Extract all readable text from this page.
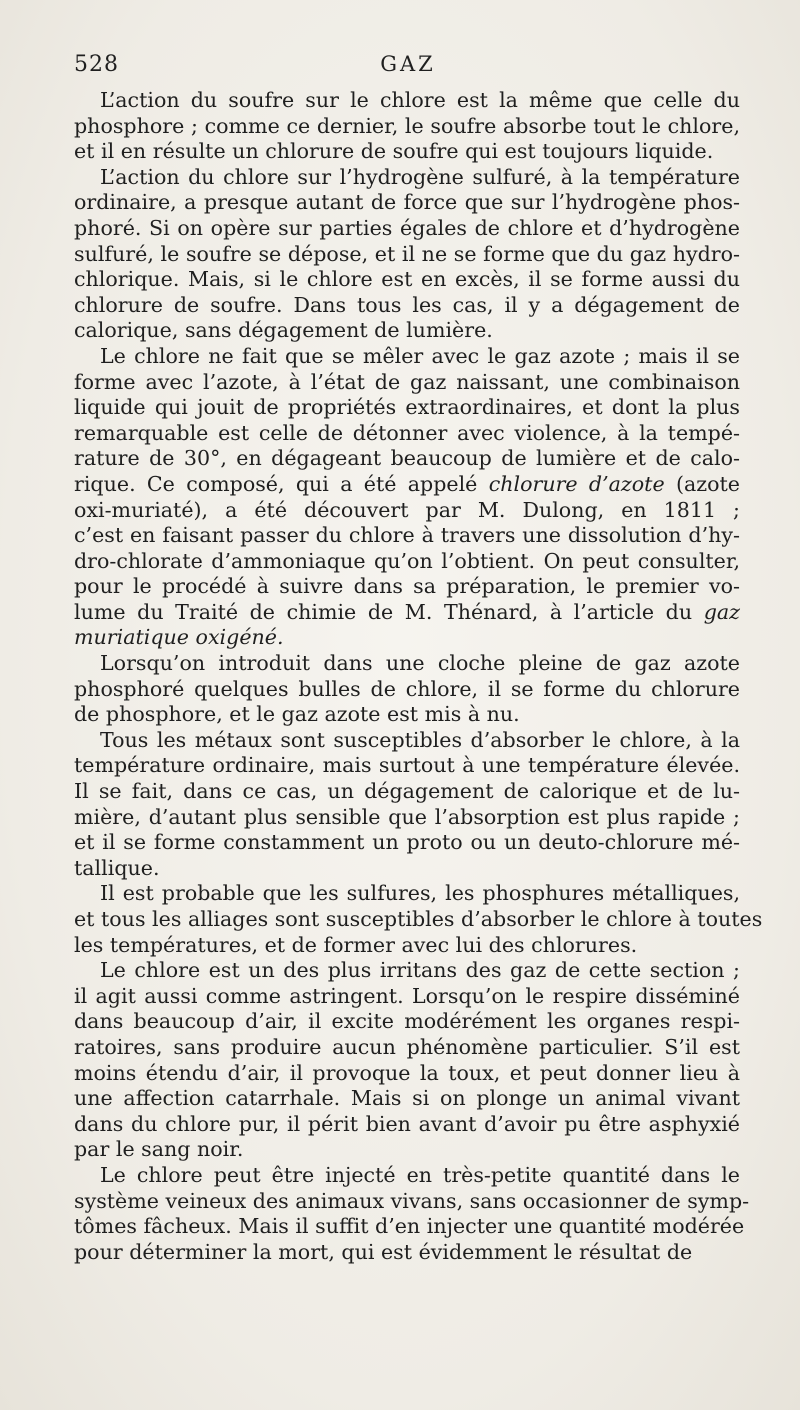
528	GAZ
L’action du soufre sur le chlore est la même que celle du
phosphore ; comme ce dernier, le soufre absorbe tout le chlore,
et il en résulte un chlorure de soufre qui est toujours liquide.
L’action du chlore sur l’hydrogène sulfuré, à la température
ordinaire, a presque autant de force que sur l’hydrogène phos-
phoré. Si on opère sur parties égales de chlore et d’hydrogène
sulfuré, le soufre se dépose, et il ne se forme que du gaz hydro-
chlorique. Mais, si le chlore est en excès, il se forme aussi du
chlorure de soufre. Dans tous les cas, il y a dégagement de
calorique, sans dégagement de lumière.
Le chlore ne fait que se mêler avec le gaz azote ; mais il se
forme avec l’azote, à l’état de gaz naissant, une combinaison
liquide qui jouit de propriétés extraordinaires, et dont la plus
remarquable est celle de détonner avec violence, à la tempé-
rature de 30°, en dégageant beaucoup de lumière et de calo-
rique. Ce composé, qui a été appelé chlorure d’azote (azote
oxi-muriaté), a été découvert par M. Dulong, en 1811 ;
c’est en faisant passer du chlore à travers une dissolution d’hy-
dro-chlorate d’ammoniaque qu’on l’obtient. On peut consulter,
pour le procédé à suivre dans sa préparation, le premier vo-
lume du Traité de chimie de M. Thénard, à l’article du gaz
muriatique oxigéné.
Lorsqu’on introduit dans une cloche pleine de gaz azote
phosphoré quelques bulles de chlore, il se forme du chlorure
de phosphore, et le gaz azote est mis à nu.
Tous les métaux sont susceptibles d’absorber le chlore, à la
température ordinaire, mais surtout à une température élevée.
Il se fait, dans ce cas, un dégagement de calorique et de lu-
mière, d’autant plus sensible que l’absorption est plus rapide ;
et il se forme constamment un proto ou un deuto-chlorure mé-
tallique.
Il est probable que les sulfures, les phosphures métalliques,
et tous les alliages sont susceptibles d’absorber le chlore à toutes
les températures, et de former avec lui des chlorures.
Le chlore est un des plus irritans des gaz de cette section ;
il agit aussi comme astringent. Lorsqu’on le respire disséminé
dans beaucoup d’air, il excite modérément les organes respi-
ratoires, sans produire aucun phénomène particulier. S’il est
moins étendu d’air, il provoque la toux, et peut donner lieu à
une affection catarrhale. Mais si on plonge un animal vivant
dans du chlore pur, il périt bien avant d’avoir pu être asphyxié
par le sang noir.
Le chlore peut être injecté en très-petite quantité dans le
système veineux des animaux vivans, sans occasionner de symp-
tômes fâcheux. Mais il suffit d’en injecter une quantité modérée
pour déterminer la mort, qui est évidemment le résultat de
